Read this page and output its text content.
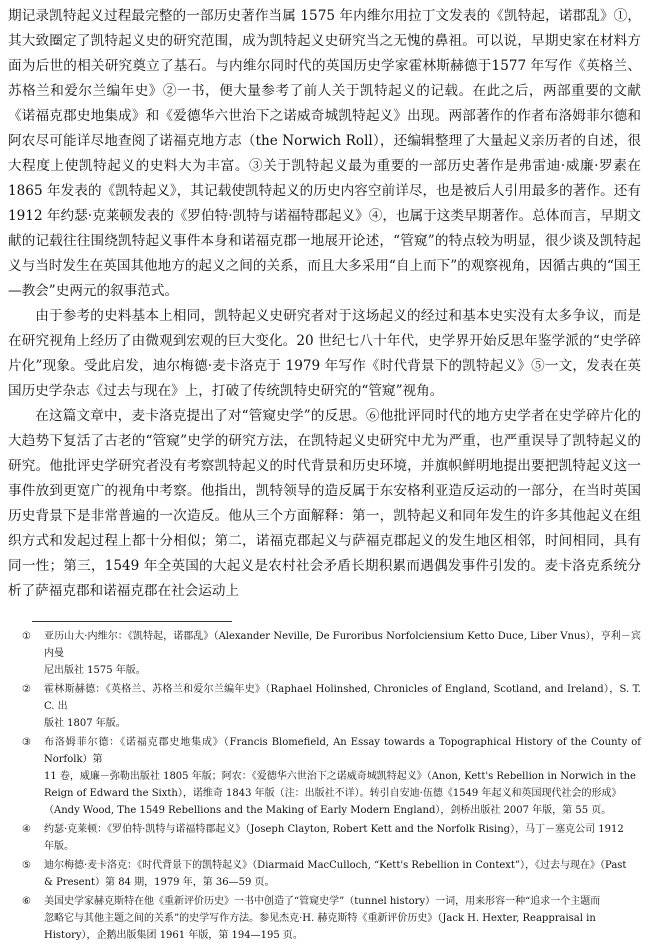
期记录凯特起义过程最完整的一部历史著作当属 1575 年内维尔用拉丁文发表的《凯特起，诺郡乱》①，其大致圈定了凯特起义史的研究范围，成为凯特起义史研究当之无愧的鼻祖。可以说，早期史家在材料方面为后世的相关研究奠立了基石。与内维尔同时代的英国历史学家霍林斯赫德于1577 年写作《英格兰、苏格兰和爱尔兰编年史》②一书，便大量参考了前人关于凯特起义的记载。在此之后，两部重要的文献《诺福克郡史地集成》和《爱德华六世治下之诺威奇城凯特起义》出现。两部著作的作者布洛姆菲尔德和阿农尽可能详尽地查阅了诺福克地方志（the Norwich Roll），还编辑整理了大量起义亲历者的自述，很大程度上使凯特起义的史料大为丰富。③关于凯特起义最为重要的一部历史著作是弗雷迪·威廉·罗素在 1865 年发表的《凯特起义》，其记载使凯特起义的历史内容空前详尽，也是被后人引用最多的著作。还有 1912 年约瑟·克莱顿发表的《罗伯特·凯特与诺福特郡起义》④，也属于这类早期著作。总体而言，早期文献的记载往往围绕凯特起义事件本身和诺福克郡一地展开论述，“管窥”的特点较为明显，很少谈及凯特起义与当时发生在英国其他地方的起义之间的关系，而且大多采用“自上而下”的观察视角，因循古典的“国王—教会”史两元的叙事范式。

由于参考的史料基本上相同，凯特起义史研究者对于这场起义的经过和基本史实没有太多争议，而是在研究视角上经历了由微观到宏观的巨大变化。20 世纪七八十年代，史学界开始反思年鉴学派的“史学碎片化”现象。受此启发，迪尔梅德·麦卡洛克于 1979 年写作《时代背景下的凯特起义》⑤一文，发表在英国历史学杂志《过去与现在》上，打破了传统凯特史研究的“管窥”视角。

在这篇文章中，麦卡洛克提出了对“管窥史学”的反思。⑥他批评同时代的地方史学者在史学碎片化的大趋势下复活了古老的“管窥”史学的研究方法，在凯特起义史研究中尤为严重，也严重误导了凯特起义的研究。他批评史学研究者没有考察凯特起义的时代背景和历史环境，并旗帜鲜明地提出要把凯特起义这一事件放到更宽广的视角中考察。他指出，凯特领导的造反属于东安格利亚造反运动的一部分，在当时英国历史背景下是非常普遍的一次造反。他从三个方面解释：第一，凯特起义和同年发生的许多其他起义在组织方式和发起过程上都十分相似；第二，诺福克郡起义与萨福克郡起义的发生地区相邻，时间相同，具有同一性；第三，1549 年全英国的大起义是农村社会矛盾长期积累而遇偶发事件引发的。麦卡洛克系统分析了萨福克郡和诺福克郡在社会运动上

①	亚历山大·内维尔：《凯特起，诺郡乱》（Alexander Neville, De Furoribus Norfolciensium Ketto Duce, Liber Vnus），亨利－宾内曼
尼出版社 1575 年版。
②	霍林斯赫德：《英格兰、苏格兰和爱尔兰编年史》（Raphael Holinshed, Chronicles of England, Scotland, and Ireland），S. T. C. 出
版社 1807 年版。
③	布洛姆菲尔德：《诺福克郡史地集成》（Francis Blomefield, An Essay towards a Topographical History of the County of Norfolk）第
11 卷，威廉－弥勒出版社 1805 年版；阿农：《爱德华六世治下之诺威奇城凯特起义》（Anon, Kett's Rebellion in Norwich in the
Reign of Edward the Sixth），诺维奇 1843 年版（注：出版社不详）。转引自安迪·伍德《1549 年起义和英国现代社会的形成》
（Andy Wood, The 1549 Rebellions and the Making of Early Modern England），剑桥出版社 2007 年版，第 55 页。
④	约瑟·克莱顿：《罗伯特·凯特与诺福特郡起义》（Joseph Clayton, Robert Kett and the Norfolk Rising），马丁－塞克公司 1912
年版。
⑤	迪尔梅德·麦卡洛克：《时代背景下的凯特起义》（Diarmaid MacCulloch, “Kett's Rebellion in Context”），《过去与现在》（Past
& Present）第 84 期，1979 年，第 36—59 页。
⑥	美国史学家赫克斯特在他《重新评价历史》一书中创造了“管窥史学”（tunnel history）一词，用来形容一种“追求一个主题而
忽略它与其他主题之间的关系”的史学写作方法。参见杰克·H. 赫克斯特《重新评价历史》（Jack H. Hexter, Reappraisal in
History），企鹅出版集团 1961 年版，第 194—195 页。
